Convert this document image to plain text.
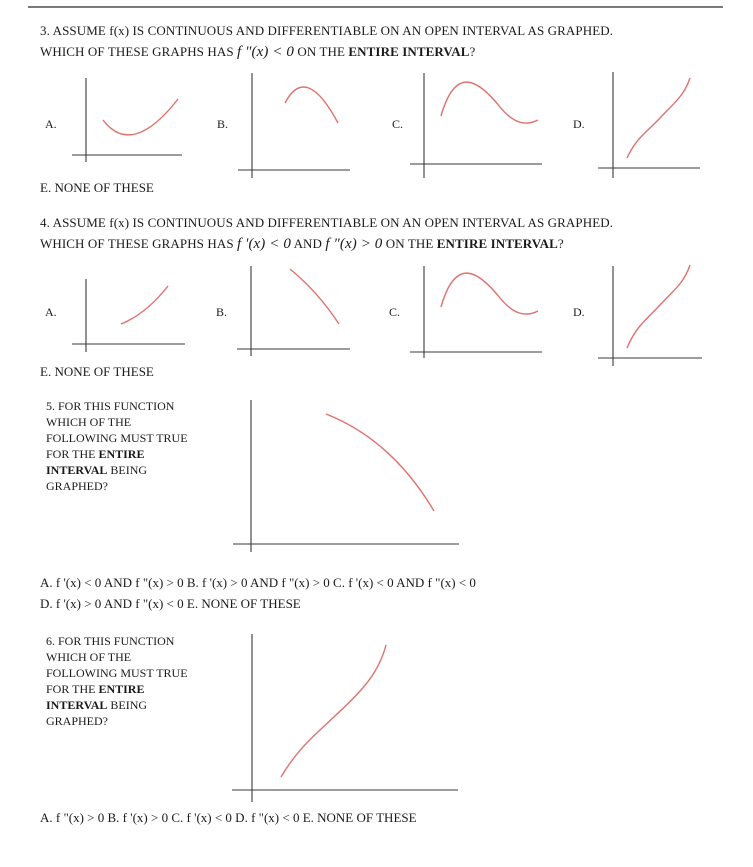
3. ASSUME f(x) IS CONTINUOUS AND DIFFERENTIABLE ON AN OPEN INTERVAL AS GRAPHED.
WHICH OF THESE GRAPHS HAS f "(x) < 0 ON THE ENTIRE INTERVAL?
A.	B.	C.	D.
E. NONE OF THESE
4. ASSUME f(x) IS CONTINUOUS AND DIFFERENTIABLE ON AN OPEN INTERVAL AS GRAPHED.
WHICH OF THESE GRAPHS HAS f '(x) < 0 AND f "(x) > 0 ON THE ENTIRE INTERVAL?
A.	B.	C.	D.
E. NONE OF THESE
5. FOR THIS FUNCTION WHICH OF THE FOLLOWING MUST TRUE FOR THE ENTIRE INTERVAL BEING GRAPHED?
A. f '(x) < 0 AND f "(x) > 0 B. f '(x) > 0 AND f "(x) > 0 C. f '(x) < 0 AND f "(x) < 0
D. f '(x) > 0 AND f "(x) < 0 E. NONE OF THESE
6. FOR THIS FUNCTION WHICH OF THE FOLLOWING MUST TRUE FOR THE ENTIRE INTERVAL BEING GRAPHED?
A. f "(x) > 0 B. f '(x) > 0 C. f '(x) < 0 D. f "(x) < 0 E. NONE OF THESE
